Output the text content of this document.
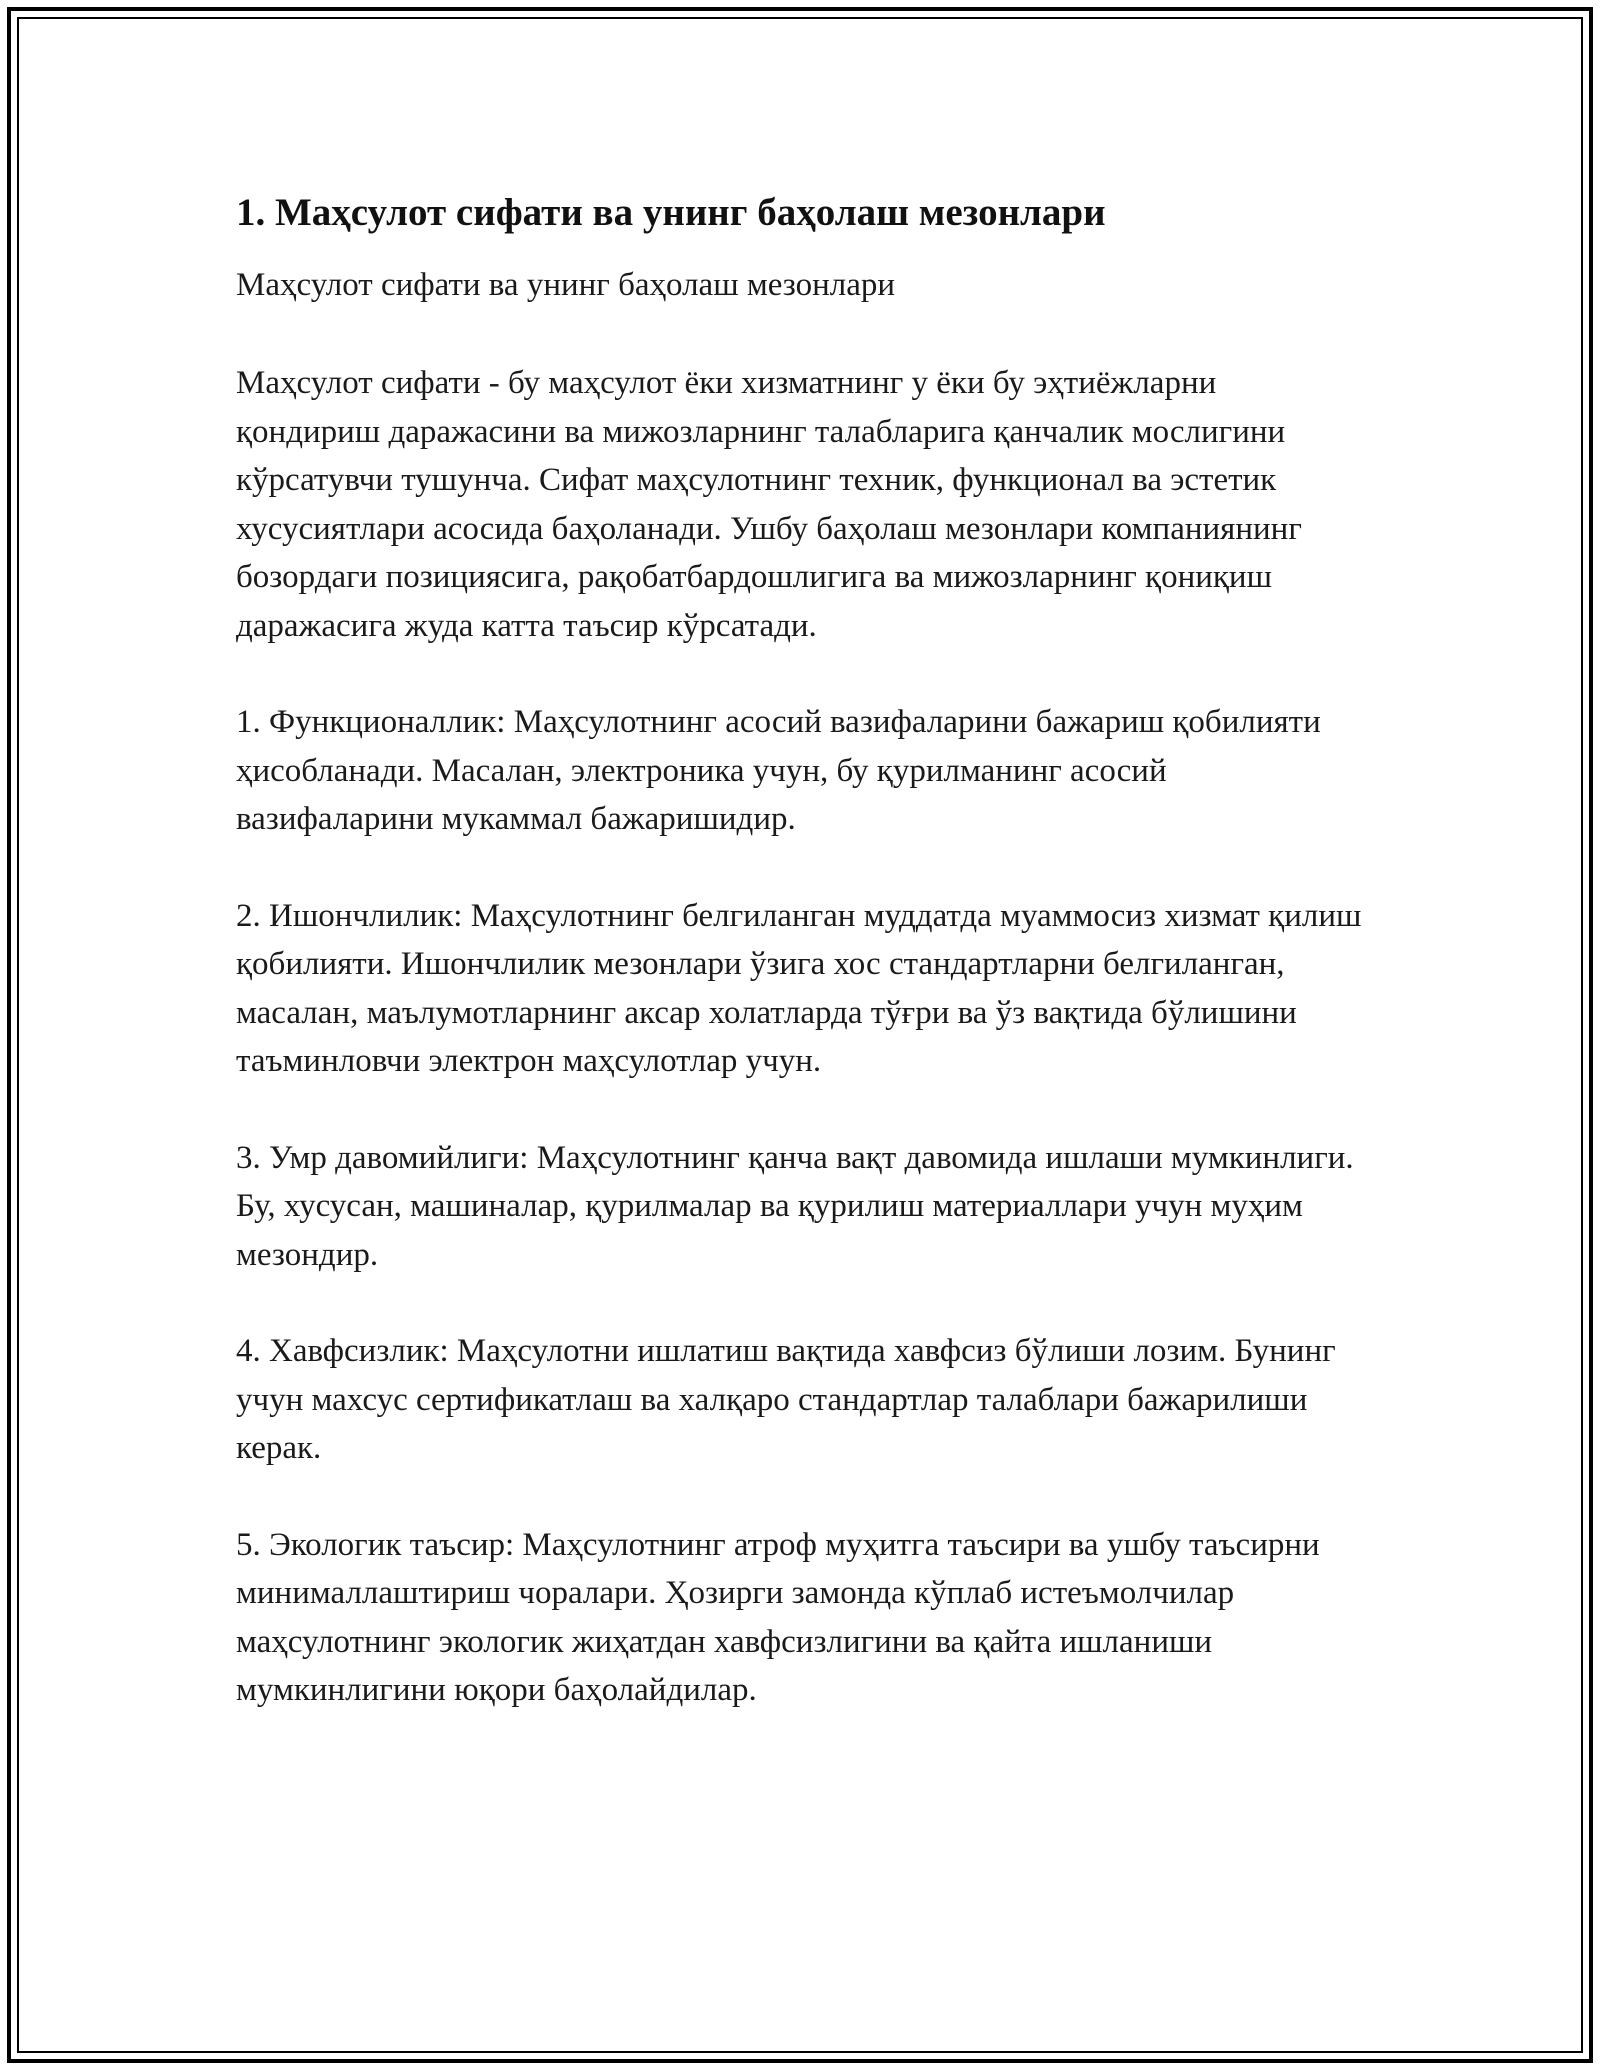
1. Маҳсулот сифати ва унинг баҳолаш мезонлари

Маҳсулот сифати ва унинг баҳолаш мезонлари

Маҳсулот сифати - бу маҳсулот ёки хизматнинг у ёки бу эҳтиёжларни қондириш даражасини ва мижозларнинг талабларига қанчалик мослигини кўрсатувчи тушунча. Сифат маҳсулотнинг техник, функционал ва эстетик хусусиятлари асосида баҳоланади. Ушбу баҳолаш мезонлари компаниянинг бозордаги позициясига, рақобатбардошлигига ва мижозларнинг қониқиш даражасига жуда катта таъсир кўрсатади.

1. Функционаллик: Маҳсулотнинг асосий вазифаларини бажариш қобилияти ҳисобланади. Масалан, электроника учун, бу қурилманинг асосий вазифаларини мукаммал бажаришидир.

2. Ишончлилик: Маҳсулотнинг белгиланган муддатда муаммосиз хизмат қилиш қобилияти. Ишончлилик мезонлари ўзига хос стандартларни белгиланган, масалан, маълумотларнинг аксар холатларда тўғри ва ўз вақтида бўлишини таъминловчи электрон маҳсулотлар учун.

3. Умр давомийлиги: Маҳсулотнинг қанча вақт давомида ишлаши мумкинлиги. Бу, хусусан, машиналар, қурилмалар ва қурилиш материаллари учун муҳим мезондир.

4. Хавфсизлик: Маҳсулотни ишлатиш вақтида хавфсиз бўлиши лозим. Бунинг учун махсус сертификатлаш ва халқаро стандартлар талаблари бажарилиши керак.

5. Экологик таъсир: Маҳсулотнинг атроф муҳитга таъсири ва ушбу таъсирни минималлаштириш чоралари. Ҳозирги замонда кўплаб истеъмолчилар маҳсулотнинг экологик жиҳатдан хавфсизлигини ва қайта ишланиши мумкинлигини юқори баҳолайдилар.
